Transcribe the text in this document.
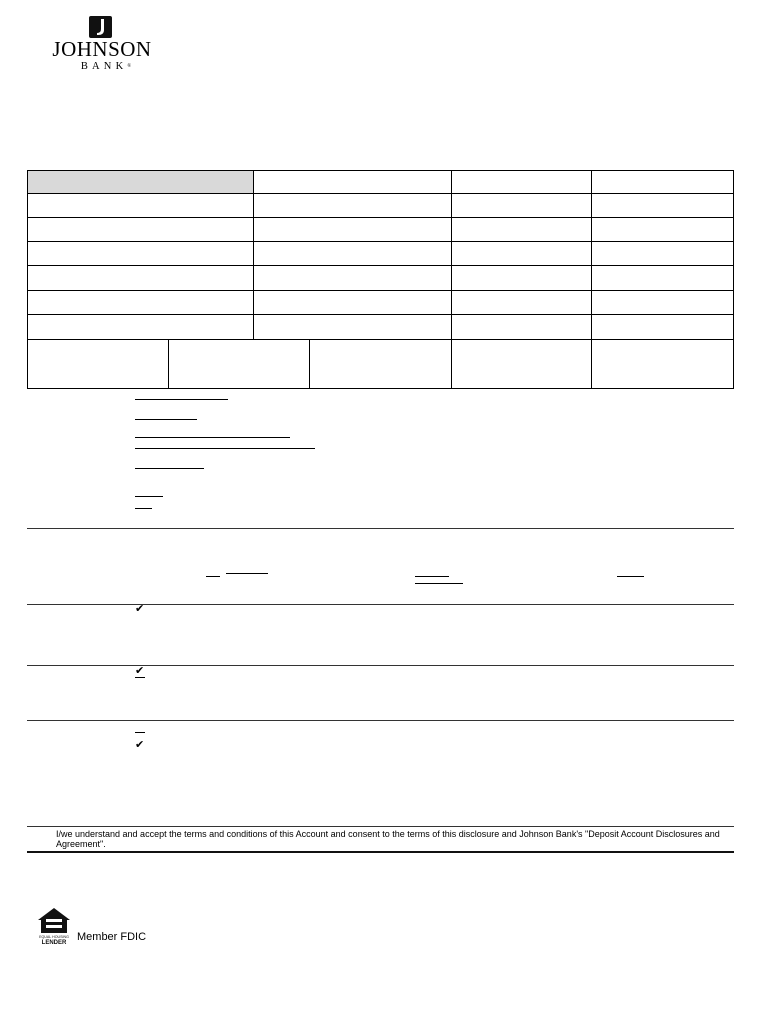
JOHNSON
BANK®
✔
✔
✔
I/we understand and accept the terms and conditions of this Account and consent to the terms of this disclosure and Johnson Bank's "Deposit Account Disclosures and Agreement".
EQUAL HOUSING
LENDER Member FDIC
